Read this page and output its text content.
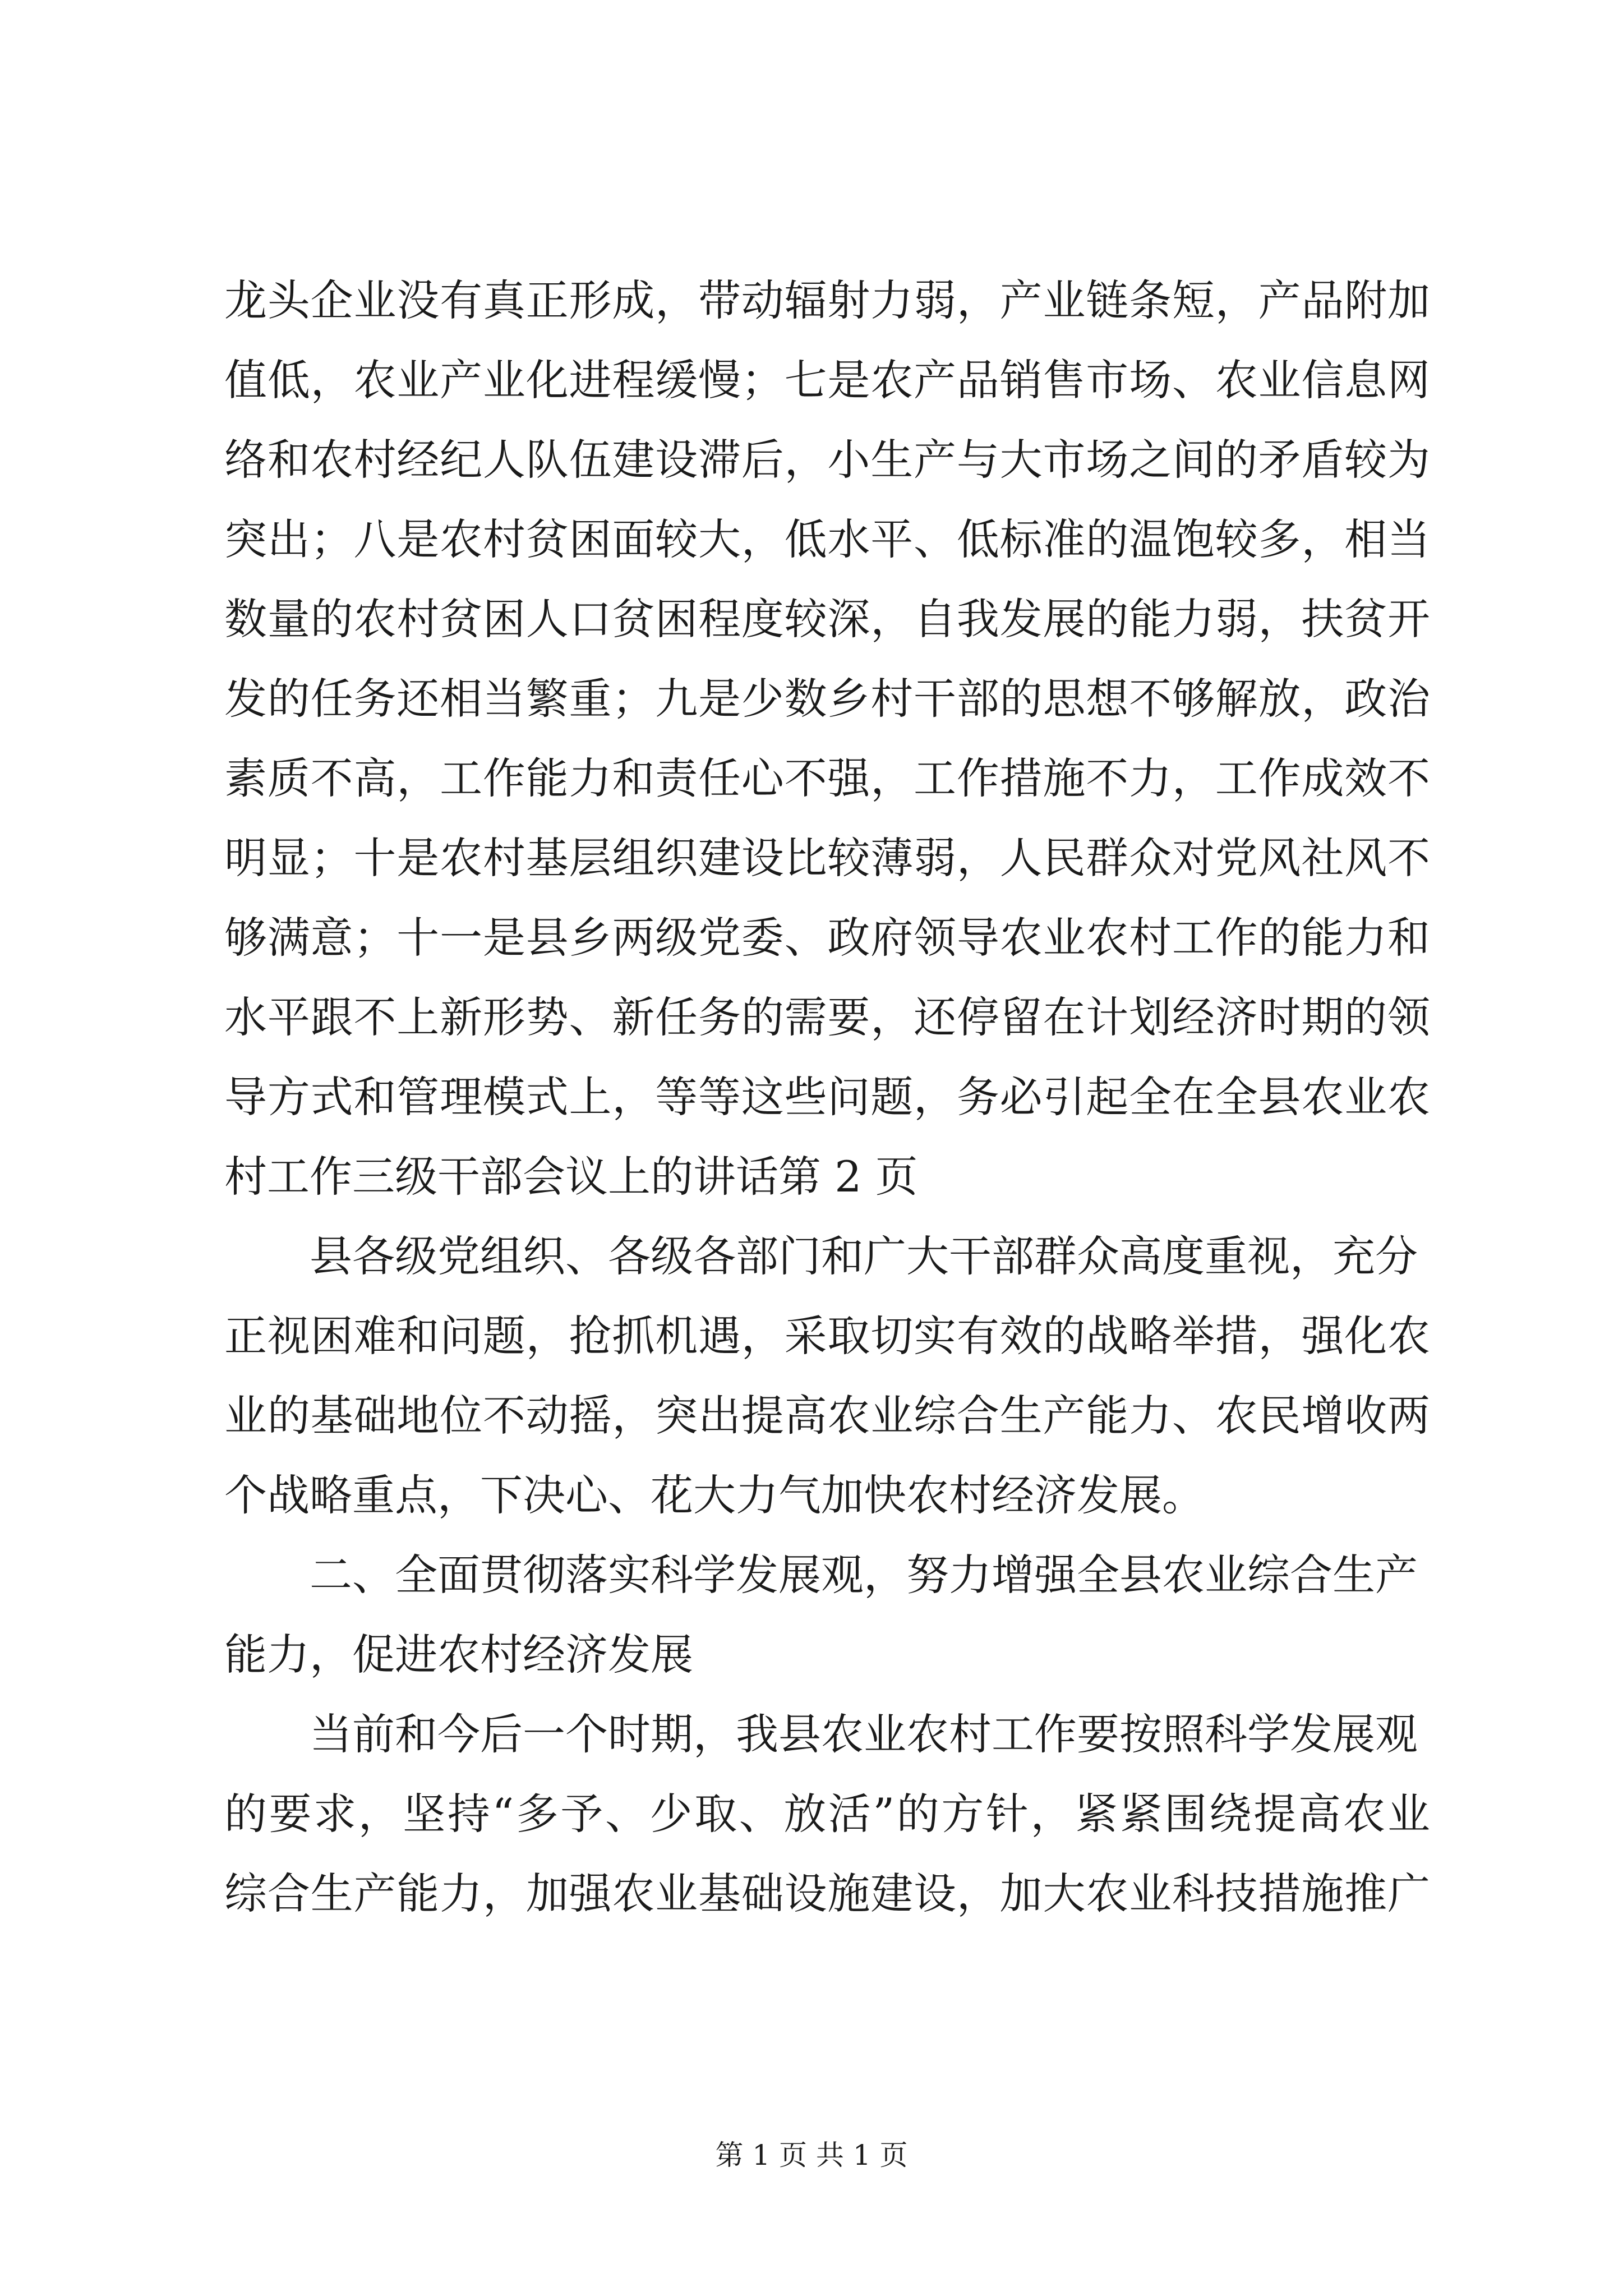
龙头企业没有真正形成，带动辐射力弱，产业链条短，产品附加
值低，农业产业化进程缓慢；七是农产品销售市场、农业信息网
络和农村经纪人队伍建设滞后，小生产与大市场之间的矛盾较为
突出；八是农村贫困面较大，低水平、低标准的温饱较多，相当
数量的农村贫困人口贫困程度较深，自我发展的能力弱，扶贫开
发的任务还相当繁重；九是少数乡村干部的思想不够解放，政治
素质不高，工作能力和责任心不强，工作措施不力，工作成效不
明显；十是农村基层组织建设比较薄弱，人民群众对党风社风不
够满意；十一是县乡两级党委、政府领导农业农村工作的能力和
水平跟不上新形势、新任务的需要，还停留在计划经济时期的领
导方式和管理模式上，等等这些问题，务必引起全在全县农业农
村工作三级干部会议上的讲话第 2 页
县各级党组织、各级各部门和广大干部群众高度重视，充分
正视困难和问题，抢抓机遇，采取切实有效的战略举措，强化农
业的基础地位不动摇，突出提高农业综合生产能力、农民增收两
个战略重点，下决心、花大力气加快农村经济发展。
二、全面贯彻落实科学发展观，努力增强全县农业综合生产
能力，促进农村经济发展
当前和今后一个时期，我县农业农村工作要按照科学发展观
的要求，坚持“多予、少取、放活”的方针，紧紧围绕提高农业
综合生产能力，加强农业基础设施建设，加大农业科技措施推广
第 1 页 共 1 页
